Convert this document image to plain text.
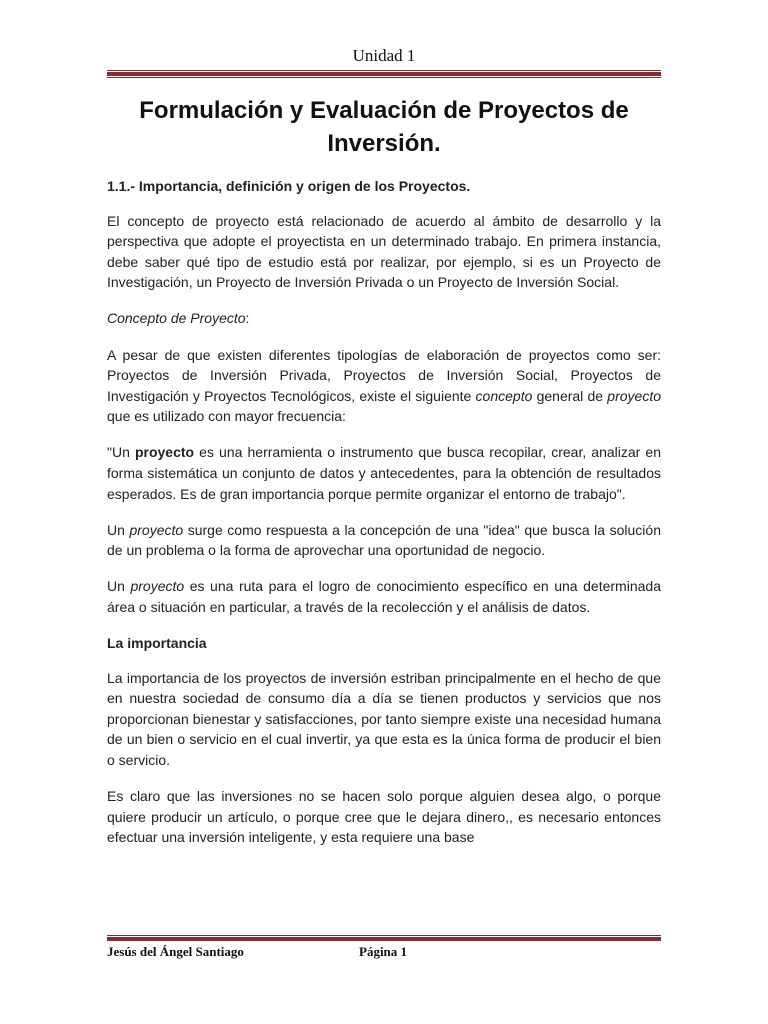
Unidad 1
Formulación y Evaluación de Proyectos de
Inversión.

1.1.- Importancia, definición y origen de los Proyectos.

El concepto de proyecto está relacionado de acuerdo al ámbito de desarrollo y la perspectiva que adopte el proyectista en un determinado trabajo. En primera instancia, debe saber qué tipo de estudio está por realizar, por ejemplo, si es un Proyecto de Investigación, un Proyecto de Inversión Privada o un Proyecto de Inversión Social.

Concepto de Proyecto:

A pesar de que existen diferentes tipologías de elaboración de proyectos como ser: Proyectos de Inversión Privada, Proyectos de Inversión Social, Proyectos de Investigación y Proyectos Tecnológicos, existe el siguiente concepto general de proyecto que es utilizado con mayor frecuencia:

"Un proyecto es una herramienta o instrumento que busca recopilar, crear, analizar en forma sistemática un conjunto de datos y antecedentes, para la obtención de resultados esperados. Es de gran importancia porque permite organizar el entorno de trabajo".

Un proyecto surge como respuesta a la concepción de una "idea" que busca la solución de un problema o la forma de aprovechar una oportunidad de negocio.

Un proyecto es una ruta para el logro de conocimiento específico en una determinada área o situación en particular, a través de la recolección y el análisis de datos.

La importancia

La importancia de los proyectos de inversión estriban principalmente en el hecho de que en nuestra sociedad de consumo día a día se tienen productos y servicios que nos proporcionan bienestar y satisfacciones, por tanto siempre existe una necesidad humana de un bien o servicio en el cual invertir, ya que esta es la única forma de producir el bien o servicio.

Es claro que las inversiones no se hacen solo porque alguien desea algo, o porque quiere producir un artículo, o porque cree que le dejara dinero,, es necesario entonces efectuar una inversión inteligente, y esta requiere una base

Jesús del Ángel Santiago	Página 1
